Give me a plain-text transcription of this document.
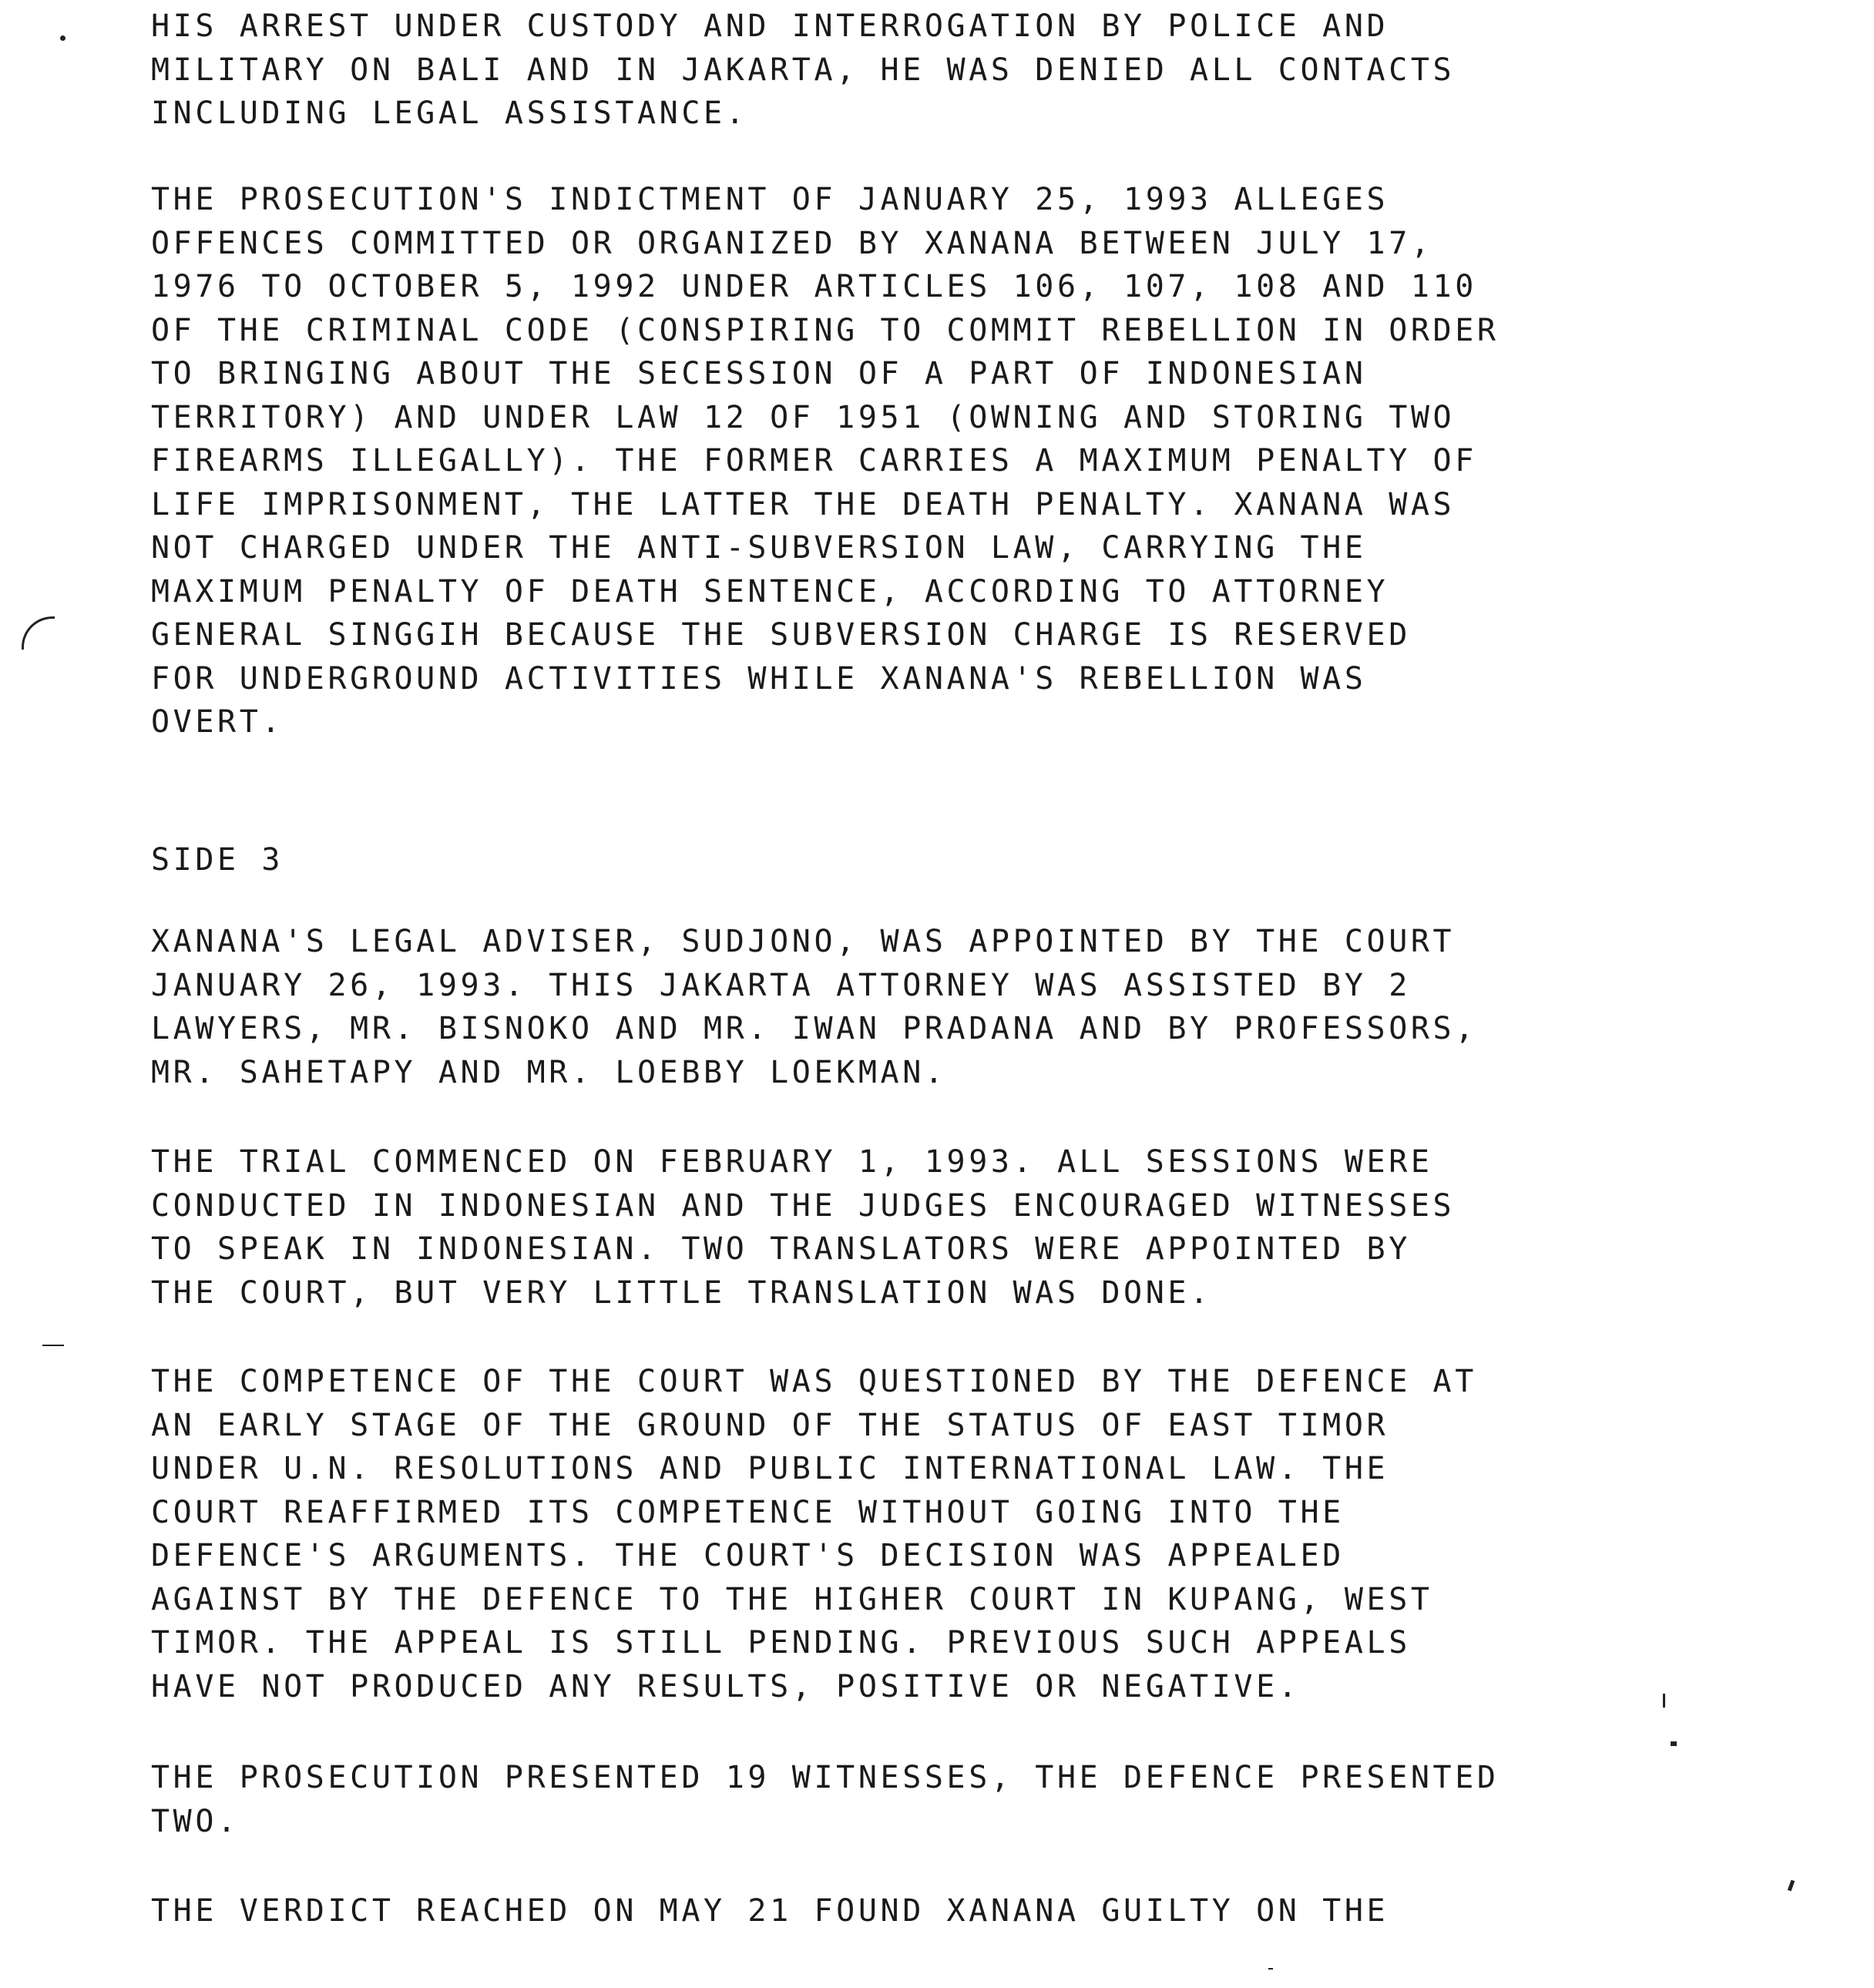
HIS ARREST UNDER CUSTODY AND INTERROGATION BY POLICE AND
MILITARY ON BALI AND IN JAKARTA, HE WAS DENIED ALL CONTACTS
INCLUDING LEGAL ASSISTANCE.

THE PROSECUTION'S INDICTMENT OF JANUARY 25, 1993 ALLEGES
OFFENCES COMMITTED OR ORGANIZED BY XANANA BETWEEN JULY 17,
1976 TO OCTOBER 5, 1992 UNDER ARTICLES 106, 107, 108 AND 110
OF THE CRIMINAL CODE (CONSPIRING TO COMMIT REBELLION IN ORDER
TO BRINGING ABOUT THE SECESSION OF A PART OF INDONESIAN
TERRITORY) AND UNDER LAW 12 OF 1951 (OWNING AND STORING TWO
FIREARMS ILLEGALLY). THE FORMER CARRIES A MAXIMUM PENALTY OF
LIFE IMPRISONMENT, THE LATTER THE DEATH PENALTY. XANANA WAS
NOT CHARGED UNDER THE ANTI-SUBVERSION LAW, CARRYING THE
MAXIMUM PENALTY OF DEATH SENTENCE, ACCORDING TO ATTORNEY
GENERAL SINGGIH BECAUSE THE SUBVERSION CHARGE IS RESERVED
FOR UNDERGROUND ACTIVITIES WHILE XANANA'S REBELLION WAS
OVERT.

SIDE 3

XANANA'S LEGAL ADVISER, SUDJONO, WAS APPOINTED BY THE COURT
JANUARY 26, 1993. THIS JAKARTA ATTORNEY WAS ASSISTED BY 2
LAWYERS, MR. BISNOKO AND MR. IWAN PRADANA AND BY PROFESSORS,
MR. SAHETAPY AND MR. LOEBBY LOEKMAN.

THE TRIAL COMMENCED ON FEBRUARY 1, 1993. ALL SESSIONS WERE
CONDUCTED IN INDONESIAN AND THE JUDGES ENCOURAGED WITNESSES
TO SPEAK IN INDONESIAN. TWO TRANSLATORS WERE APPOINTED BY
THE COURT, BUT VERY LITTLE TRANSLATION WAS DONE.

THE COMPETENCE OF THE COURT WAS QUESTIONED BY THE DEFENCE AT
AN EARLY STAGE OF THE GROUND OF THE STATUS OF EAST TIMOR
UNDER U.N. RESOLUTIONS AND PUBLIC INTERNATIONAL LAW. THE
COURT REAFFIRMED ITS COMPETENCE WITHOUT GOING INTO THE
DEFENCE'S ARGUMENTS. THE COURT'S DECISION WAS APPEALED
AGAINST BY THE DEFENCE TO THE HIGHER COURT IN KUPANG, WEST
TIMOR. THE APPEAL IS STILL PENDING. PREVIOUS SUCH APPEALS
HAVE NOT PRODUCED ANY RESULTS, POSITIVE OR NEGATIVE.

THE PROSECUTION PRESENTED 19 WITNESSES, THE DEFENCE PRESENTED
TWO.

THE VERDICT REACHED ON MAY 21 FOUND XANANA GUILTY ON THE
